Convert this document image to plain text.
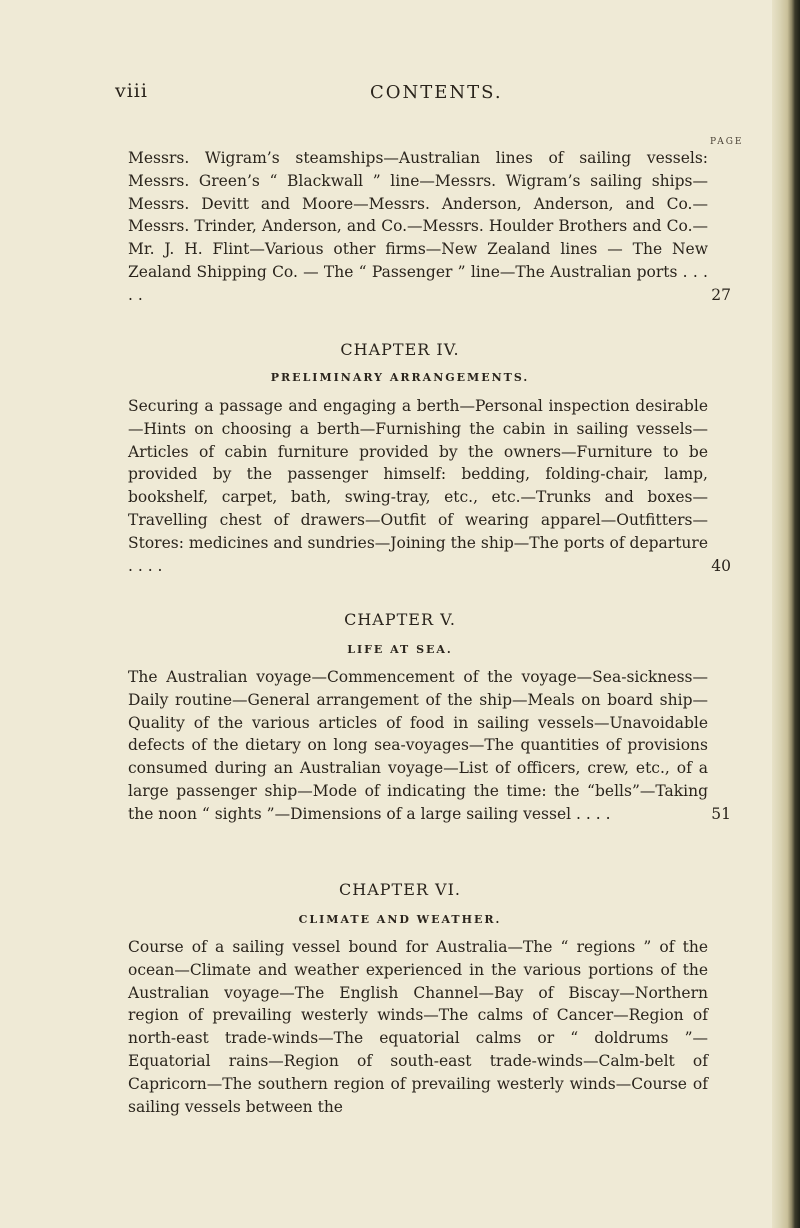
viii	CONTENTS.
PAGE
Messrs. Wigram’s steamships—Australian lines of sailing vessels: Messrs. Green’s “ Blackwall ” line—Messrs. Wigram’s sailing ships—Messrs. Devitt and Moore—Messrs. Anderson, Anderson, and Co.—Messrs. Trinder, Anderson, and Co.—Messrs. Houlder Brothers and Co.—Mr. J. H. Flint—Various other firms—New Zealand lines — The New Zealand Shipping Co. — The “ Passenger ” line—The Australian ports . . . . .	27
CHAPTER IV.
PRELIMINARY ARRANGEMENTS.
Securing a passage and engaging a berth—Personal inspection desirable—Hints on choosing a berth—Furnishing the cabin in sailing vessels—Articles of cabin furniture provided by the owners—Furniture to be provided by the passenger himself: bedding, folding-chair, lamp, bookshelf, carpet, bath, swing-tray, etc., etc.—Trunks and boxes—Travelling chest of drawers—Outfit of wearing apparel—Outfitters—Stores: medicines and sundries—Joining the ship—The ports of departure . . . .	40
CHAPTER V.
LIFE AT SEA.
The Australian voyage—Commencement of the voyage—Sea-sickness—Daily routine—General arrangement of the ship—Meals on board ship—Quality of the various articles of food in sailing vessels—Unavoidable defects of the dietary on long sea-voyages—The quantities of provisions consumed during an Australian voyage—List of officers, crew, etc., of a large passenger ship—Mode of indicating the time: the “bells”—Taking the noon “ sights ”—Dimensions of a large sailing vessel . . . .	51
CHAPTER VI.
CLIMATE AND WEATHER.
Course of a sailing vessel bound for Australia—The “ regions ” of the ocean—Climate and weather experienced in the various portions of the Australian voyage—The English Channel—Bay of Biscay—Northern region of prevailing westerly winds—The calms of Cancer—Region of north-east trade-winds—The equatorial calms or “ doldrums ”—Equatorial rains—Region of south-east trade-winds—Calm-belt of Capricorn—The southern region of prevailing westerly winds—Course of sailing vessels between the
